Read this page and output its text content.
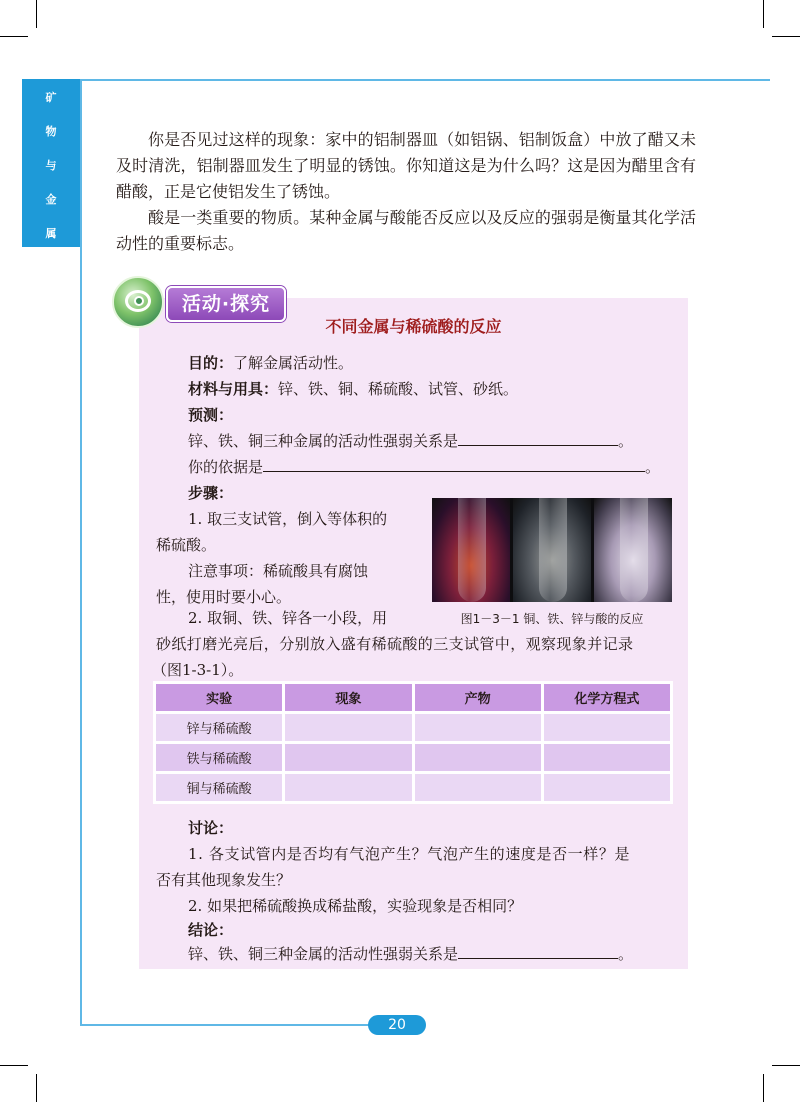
矿
物
与
金
属

你是否见过这样的现象：家中的铝制器皿（如铝锅、铝制饭盒）中放了醋又未及时清洗，铝制器皿发生了明显的锈蚀。你知道这是为什么吗？这是因为醋里含有醋酸，正是它使铝发生了锈蚀。

酸是一类重要的物质。某种金属与酸能否反应以及反应的强弱是衡量其化学活动性的重要标志。

活动·探究
不同金属与稀硫酸的反应
目的：了解金属活动性。
材料与用具：锌、铁、铜、稀硫酸、试管、砂纸。
预测：
锌、铁、铜三种金属的活动性强弱关系是	。
你的依据是	。
步骤：
1. 取三支试管，倒入等体积的
稀硫酸。
注意事项：稀硫酸具有腐蚀
性，使用时要小心。
2. 取铜、铁、锌各一小段，用
砂纸打磨光亮后，分别放入盛有稀硫酸的三支试管中，观察现象并记录
（图1-3-1）。
图1－3－1 铜、铁、锌与酸的反应
实验	现象	产物	化学方程式
锌与稀硫酸			
铁与稀硫酸			
铜与稀硫酸			
讨论：
1. 各支试管内是否均有气泡产生？气泡产生的速度是否一样？是
否有其他现象发生？
2. 如果把稀硫酸换成稀盐酸，实验现象是否相同？
结论：
锌、铁、铜三种金属的活动性强弱关系是	。
20
